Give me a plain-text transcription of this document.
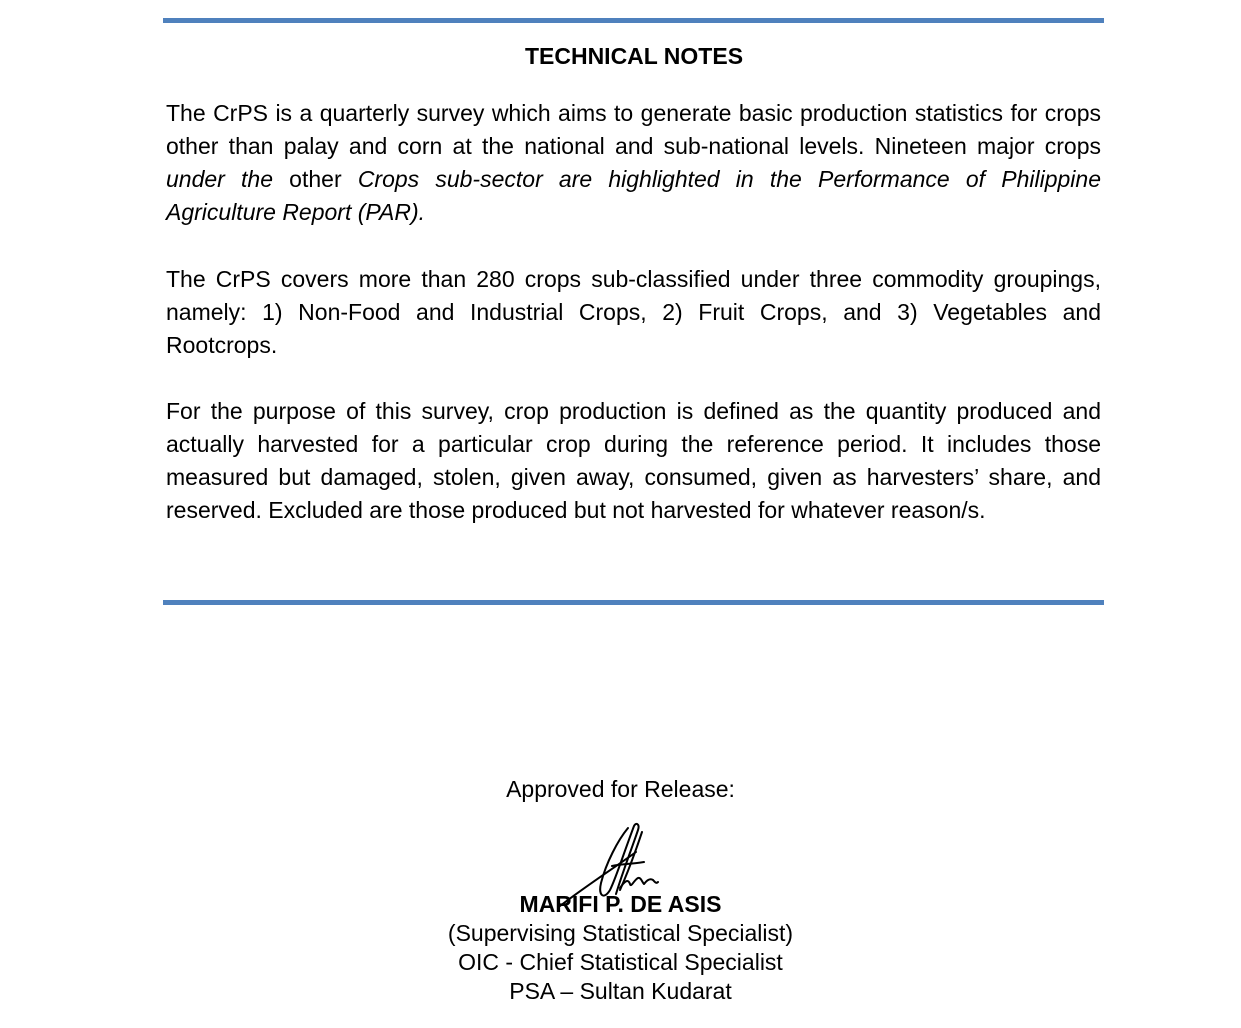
TECHNICAL NOTES

The CrPS is a quarterly survey which aims to generate basic production statistics for crops other than palay and corn at the national and sub-national levels. Nineteen major crops under the other Crops sub-sector are highlighted in the Performance of Philippine Agriculture Report (PAR).

The CrPS covers more than 280 crops sub-classified under three commodity groupings, namely: 1) Non-Food and Industrial Crops, 2) Fruit Crops, and 3) Vegetables and Rootcrops.

For the purpose of this survey, crop production is defined as the quantity produced and actually harvested for a particular crop during the reference period. It includes those measured but damaged, stolen, given away, consumed, given as harvesters’ share, and reserved. Excluded are those produced but not harvested for whatever reason/s.

Approved for Release:
MARIFI P. DE ASIS
(Supervising Statistical Specialist)
OIC - Chief Statistical Specialist
PSA – Sultan Kudarat
